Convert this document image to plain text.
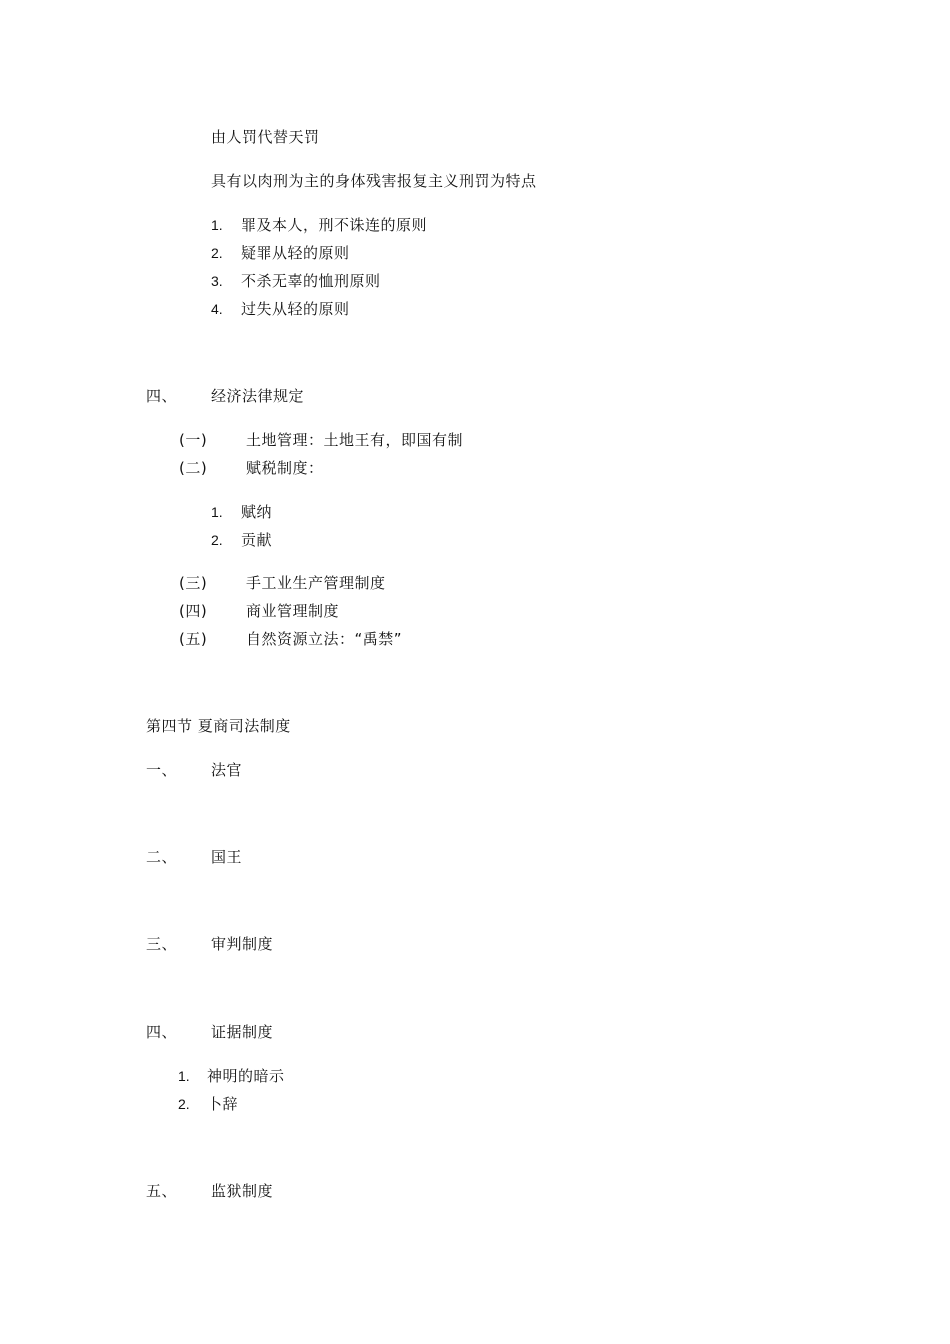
由人罚代替天罚
具有以肉刑为主的身体残害报复主义刑罚为特点
1. 罪及本人，刑不诛连的原则
2. 疑罪从轻的原则
3. 不杀无辜的恤刑原则
4. 过失从轻的原则
四、 经济法律规定
(一)	土地管理：土地王有，即国有制
(二)	赋税制度：
1. 赋纳
2. 贡献
(三)	手工业生产管理制度
(四)	商业管理制度
(五)	自然资源立法：“禹禁”
第四节 夏商司法制度
一、 法官
二、 国王
三、 审判制度
四、 证据制度
1. 神明的暗示
2. 卜辞
五、 监狱制度
